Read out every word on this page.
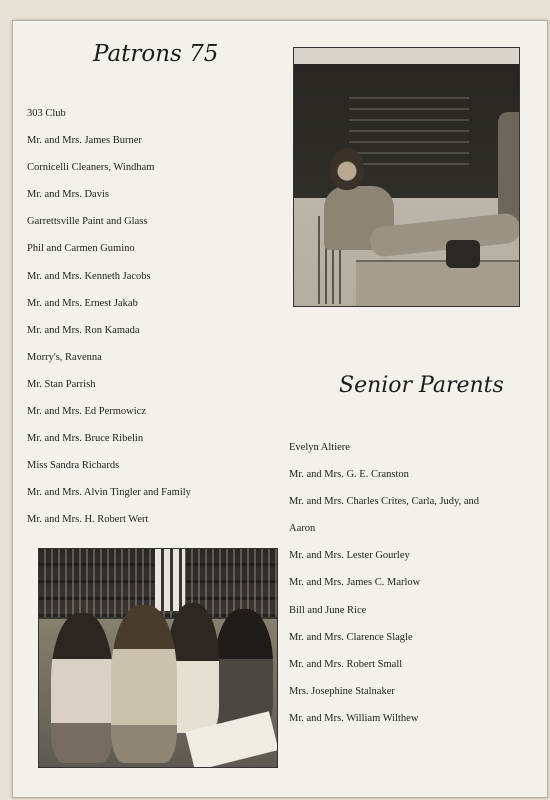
Patrons 75
303 Club
Mr. and Mrs. James Burner
Cornicelli Cleaners, Windham
Mr. and Mrs. Davis
Garrettsville Paint and Glass
Phil and Carmen Gumino
Mr. and Mrs. Kenneth Jacobs
Mr. and Mrs. Ernest Jakab
Mr. and Mrs. Ron Kamada
Morry's, Ravenna
Mr. Stan Parrish
Mr. and Mrs. Ed Permowicz
Mr. and Mrs. Bruce Ribelin
Miss Sandra Richards
Mr. and Mrs. Alvin Tingler and Family
Mr. and Mrs. H. Robert Wert
Senior Parents
Evelyn Altiere
Mr. and Mrs. G. E. Cranston
Mr. and Mrs. Charles Crites, Carla, Judy, and
Aaron
Mr. and Mrs. Lester Gourley
Mr. and Mrs. James C. Marlow
Bill and June Rice
Mr. and Mrs. Clarence Slagle
Mr. and Mrs. Robert Small
Mrs. Josephine Stalnaker
Mr. and Mrs. William Wilthew
